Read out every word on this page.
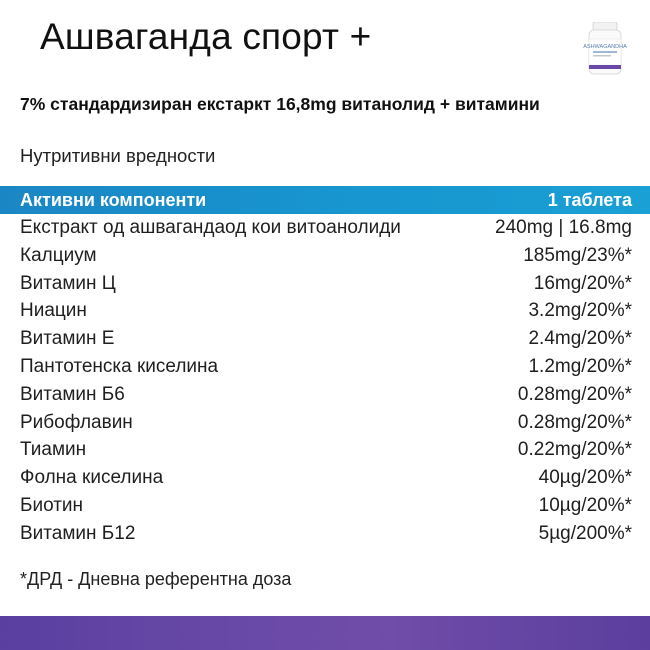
Ашваганда спорт +	ASHWAGANDHA
7% стандардизиран екстаркт 16,8mg витанолид + витамини
Нутритивни вредности
Активни компоненти	1 таблета
Екстракт од ашвагандаод кои витоанолиди	240mg | 16.8mg
Калциум	185mg/23%*
Витамин Ц	16mg/20%*
Ниацин	3.2mg/20%*
Витамин Е	2.4mg/20%*
Пантотенска киселина	1.2mg/20%*
Витамин Б6	0.28mg/20%*
Рибофлавин	0.28mg/20%*
Тиамин	0.22mg/20%*
Фолна киселина	40µg/20%*
Биотин	10µg/20%*
Витамин Б12	5µg/200%*
*ДРД - Дневна референтна доза
